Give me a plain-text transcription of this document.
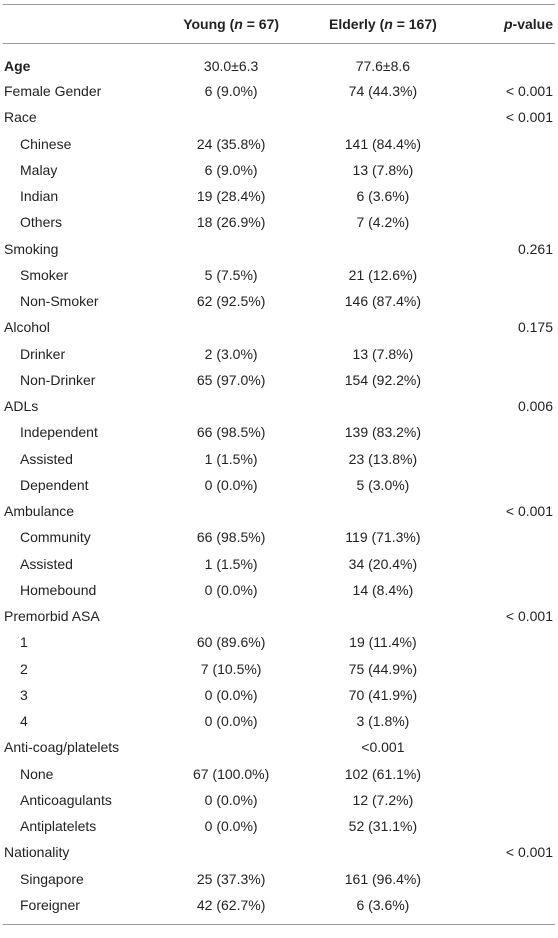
	Young (n = 67)	Elderly (n = 167)	p-value
Age	30.0±6.3	77.6±8.6	
Female Gender	6 (9.0%)	74 (44.3%)	< 0.001
Race			< 0.001
Chinese	24 (35.8%)	141 (84.4%)	
Malay	6 (9.0%)	13 (7.8%)	
Indian	19 (28.4%)	6 (3.6%)	
Others	18 (26.9%)	7 (4.2%)	
Smoking			0.261
Smoker	5 (7.5%)	21 (12.6%)	
Non-Smoker	62 (92.5%)	146 (87.4%)	
Alcohol			0.175
Drinker	2 (3.0%)	13 (7.8%)	
Non-Drinker	65 (97.0%)	154 (92.2%)	
ADLs			0.006
Independent	66 (98.5%)	139 (83.2%)	
Assisted	1 (1.5%)	23 (13.8%)	
Dependent	0 (0.0%)	5 (3.0%)	
Ambulance			< 0.001
Community	66 (98.5%)	119 (71.3%)	
Assisted	1 (1.5%)	34 (20.4%)	
Homebound	0 (0.0%)	14 (8.4%)	
Premorbid ASA			< 0.001
1	60 (89.6%)	19 (11.4%)	
2	7 (10.5%)	75 (44.9%)	
3	0 (0.0%)	70 (41.9%)	
4	0 (0.0%)	3 (1.8%)	
Anti-coag/platelets		<0.001	
None	67 (100.0%)	102 (61.1%)	
Anticoagulants	0 (0.0%)	12 (7.2%)	
Antiplatelets	0 (0.0%)	52 (31.1%)	
Nationality			< 0.001
Singapore	25 (37.3%)	161 (96.4%)	
Foreigner	42 (62.7%)	6 (3.6%)	
